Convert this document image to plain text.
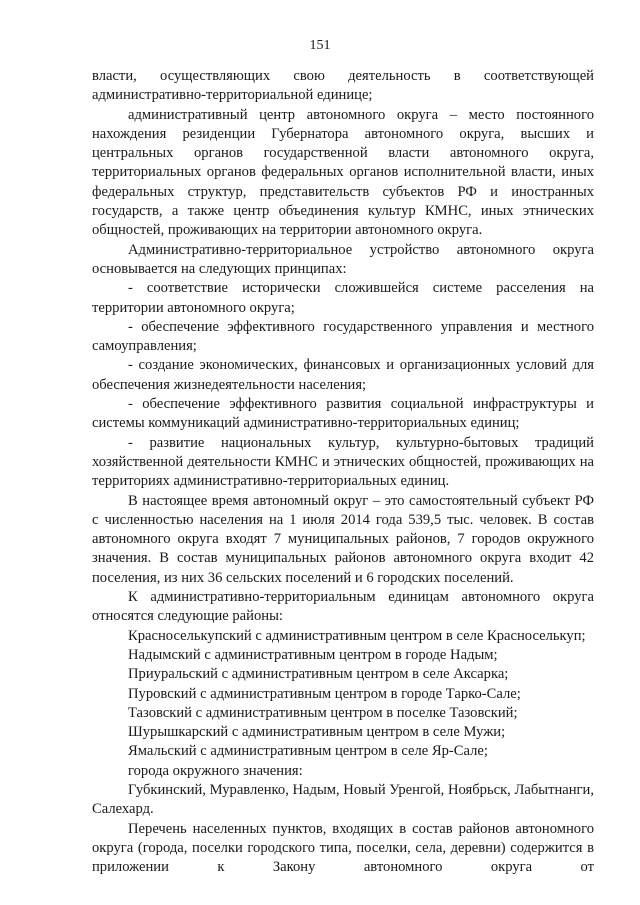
151

власти, осуществляющих свою деятельность в соответствующей административно-территориальной единице;

административный центр автономного округа – место постоянного нахождения резиденции Губернатора автономного округа, высших и центральных органов государственной власти автономного округа, территориальных органов федеральных органов исполнительной власти, иных федеральных структур, представительств субъектов РФ и иностранных государств, а также центр объединения культур КМНС, иных этнических общностей, проживающих на территории автономного округа.

Административно-территориальное устройство автономного округа основывается на следующих принципах:

- соответствие исторически сложившейся системе расселения на территории автономного округа;

- обеспечение эффективного государственного управления и местного самоуправления;

- создание экономических, финансовых и организационных условий для обеспечения жизнедеятельности населения;

- обеспечение эффективного развития социальной инфраструктуры и системы коммуникаций административно-территориальных единиц;

- развитие национальных культур, культурно-бытовых традиций хозяйственной деятельности КМНС и этнических общностей, проживающих на территориях административно-территориальных единиц.

В настоящее время автономный округ – это самостоятельный субъект РФ с численностью населения на 1 июля 2014 года 539,5 тыс. человек. В состав автономного округа входят 7 муниципальных районов, 7 городов окружного значения. В состав муниципальных районов автономного округа входит 42 поселения, из них 36 сельских поселений и 6 городских поселений.

К административно-территориальным единицам автономного округа относятся следующие районы:

Красноселькупский с административным центром в селе Красноселькуп;

Надымский с административным центром в городе Надым;

Приуральский с административным центром в селе Аксарка;

Пуровский с административным центром в городе Тарко-Сале;

Тазовский с административным центром в поселке Тазовский;

Шурышкарский с административным центром в селе Мужи;

Ямальский с административным центром в селе Яр-Сале;

города окружного значения:

Губкинский, Муравленко, Надым, Новый Уренгой, Ноябрьск, Лабытнанги, Салехард.

Перечень населенных пунктов, входящих в состав районов автономного округа (города, поселки городского типа, поселки, села, деревни) содержится в приложении к Закону автономного округа от
